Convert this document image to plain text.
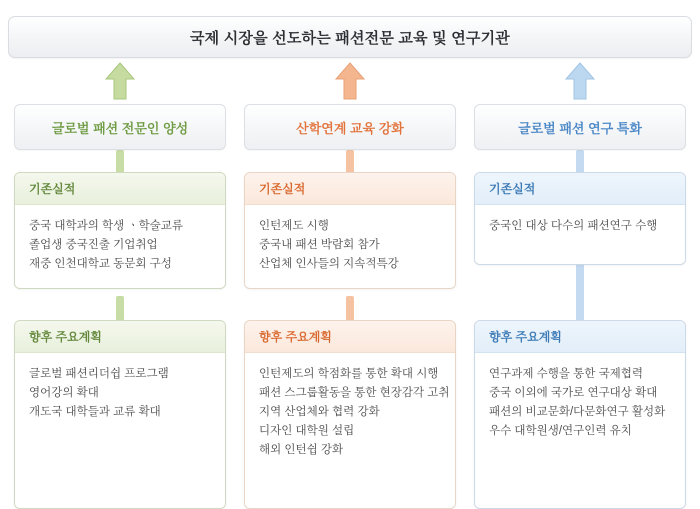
국제 시장을 선도하는 패션전문 교육 및 연구기관
글로벌 패션 전문인 양성
기존실적
중국 대학과의 학생 ㆍ학술교류
졸업생 중국진출 기업취업
재중 인천대학교 동문회 구성
향후 주요계획
글로벌 패션리더쉽 프로그램
영어강의 확대
개도국 대학들과 교류 확대
산학연계 교육 강화
기존실적
인턴제도 시행
중국내 패션 박람회 참가
산업체 인사들의 지속적특강
향후 주요계획
인턴제도의 학점화를 통한 확대 시행
패션 스그룹활동을 통한 현장감각 고취
지역 산업체와 협력 강화
디자인 대학원 설립
해외 인턴쉽 강화
글로벌 패션 연구 특화
기존실적
중국인 대상 다수의 패션연구 수행
향후 주요계획
연구과제 수행을 통한 국제협력
중국 이외에 국가로 연구대상 확대
패션의 비교문화/다문화연구 활성화
우수 대학원생/연구인력 유치
